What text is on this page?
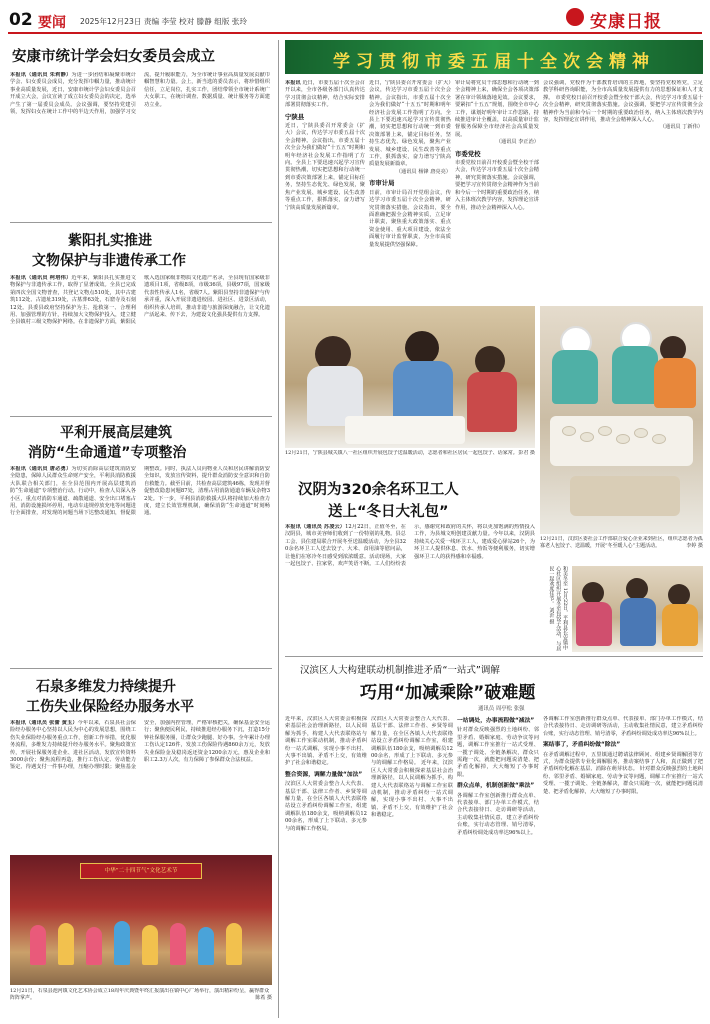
02 要闻 2025年12月23日 责编 李莹 校对 滕静 组版 张玲	安康日报
安康市统计学会妇女委员会成立
本报讯（通讯员 朱莉静）为进一步团结和凝聚市统计学会、妇女委员会成员，充分发挥巾帼力量，推动统计事业高质量发展，近日，安康市统计学会妇女委员会召开成立大会，会议宣读了成立妇女委员会的决定，选举产生了第一届委员会成员。会议强调，要坚持党建引领，发挥妇女在统计工作中的半边天作用，加强学习交流，提升履职能力，为全市统计事业高质量发展贡献巾帼智慧和力量。会上，新当选的委员表示，将珍惜组织信任，立足岗位，扎实工作，团结带领全市统计系统广大女职工，在统计调查、数据质量、统计服务等方面建功立业。
紫阳扎实推进
文物保护与非遗传承工作
本报讯（通讯员 柯培伟）近年来，紫阳县扎实推进文物保护与非遗传承工作，取得了显著成效。全县已完成第四次全国文物普查，共登记文物点510处，其中古建筑112处、古遗址319处，古墓葬63处，石窟寺及石刻12处。县委县政府坚持保护为主、抢救第一、合理利用、加强管理的方针，持续加大文物保护投入，建立健全县镇村三级文物保护网络。在非遗保护方面，紫阳民歌入选国家级非物质文化遗产名录，全县现有国家级非遗项目1项，省级8项，市级36项，县级97项，国家级代表性传承人1名，省级7人。紫阳县坚持非遗保护与传承并重，深入开展非遗进校园、进社区、进景区活动，组织传承人培训，推动非遗与旅游深度融合，让文化遗产活起来、传下去，为建设文化强县提供有力支撑。
平利开展高层建筑
消防“生命通道”专项整治
本报讯（通讯员 唐必勇）为切实消除高层建筑消防安全隐患，保障人民群众生命财产安全，平利县消防救援大队联合相关部门，在全县范围内开展高层建筑消防“生命通道”专项整治行动。行动中，检查人员深入各小区，重点对消防车通道、疏散通道、安全出口堵塞占用，消防设施损坏停用，电动车违规停放充电等问题进行全面排查，对发现的问题当场下达整改通知，督促限期整改。同时，执法人员向物业人员和居民讲解消防安全知识，发放宣传资料，提升群众消防安全意识和自防自救能力。截至目前，共检查高层建筑46栋，发现并督促整改隐患问题87处，清理占用消防通道车辆及杂物32处。下一步，平利县消防救援大队将持续加大检查力度，建立长效管理机制，确保消防“生命通道”时刻畅通。
石泉多维发力持续提升
工伤失业保险经办服务水平
本报讯（通讯员 张蕾 黄玉）今年以来，石泉县社会保险经办服务中心坚持以人民为中心的发展思想，围绕工伤失业保险经办服务重点工作，创新工作举措，优化服务流程，多维发力持续提升经办服务水平。聚焦政策宣传，开展社保服务进企业、进社区活动，发放宣传资料3000余份；聚焦流程再造，推行工伤认定、劳动能力鉴定、待遇支付一件事办理，压缩办理时限；聚焦基金安全，加强内控管理，严格审核把关，确保基金安全运行；聚焦便民利民，持续推进经办服务下沉，打造15分钟社保服务圈，让群众少跑腿、好办事。全年累计办理工伤认定126件，发放工伤保险待遇860余万元，发放失业保险金及稳岗返还资金1200余万元，惠及企业和职工2.3万人次，有力保障了参保群众合法权益。
中华“二十四节气”文化艺术节
12月21日，石泉县池河镇文化艺术协会成立18周年庆典暨年终汇报演出在镇中心广场举行，演出精彩纷呈，赢得群众阵阵掌声。	陈希 摄
学习贯彻市委五届十全次会精神
本报讯 近日，市委五届十次全会召开以来，全市各级各部门认真传达学习贯彻会议精神，结合实际安排部署贯彻落实工作。
宁陕县
近日，宁陕县委召开常委会（扩大）会议，传达学习市委五届十次全会精神。会议指出，市委五届十次全会为我们做好“十五五”时期和明年经济社会发展工作指明了方向。全县上下要迅速兴起学习宣传贯彻热潮，切实把思想和行动统一到市委决策部署上来，锚定目标任务，坚持生态优先、绿色发展，聚焦产业发展、城乡建设、民生改善等重点工作，狠抓落实，奋力谱写宁陕高质量发展新篇章。
近日，宁陕县委召开常委会（扩大）会议，传达学习市委五届十次全会精神。会议指出，市委五届十次全会为我们做好“十五五”时期和明年经济社会发展工作指明了方向。全县上下要迅速兴起学习宣传贯彻热潮，切实把思想和行动统一到市委决策部署上来，锚定目标任务，坚持生态优先、绿色发展，聚焦产业发展、城乡建设、民生改善等重点工作，狠抓落实，奋力谱写宁陕高质量发展新篇章。
（通讯员 杨锋 唐亮亮）
市审计局
日前，市审计局召开党组会议，传达学习市委五届十次全会精神，研究贯彻落实措施。会议指出，要全面准确把握全会精神实质，立足审计职责，聚焦重大政策落实、重点资金使用、重大项目建设，依法全面履行审计监督职责，为全市高质量发展提供坚强保障。
审计局将党员干部思想和行动统一到全会精神上来，确保全会各项决策部署在审计领域落地见效。会议要求，要紧扣“十五五”规划，围绕全市中心工作，谋划好明年审计工作思路，持续推进审计全覆盖，以高质量审计监督服务保障全市经济社会高质量发展。
（通讯员 李正治）
市委党校
市委党校日前召开校委会暨全校干部大会，传达学习市委五届十次全会精神，研究贯彻落实措施。会议强调，要把学习宣传贯彻全会精神作为当前和今后一个时期的重要政治任务，纳入主体班次教学内容，发挥理论宣讲作用，推动全会精神深入人心。
会议强调，党校作为干部教育培训的主阵地，要坚持党校姓党，立足教学科研咨询职能，为全市高质量发展提供有力的思想保证和人才支撑。 市委党校日前召开校委会暨全校干部大会，传达学习市委五届十次全会精神，研究贯彻落实措施。会议强调，要把学习宣传贯彻全会精神作为当前和今后一个时期的重要政治任务，纳入主体班次教学内容，发挥理论宣讲作用，推动全会精神深入人心。
（通讯员 丁新伟）
12月21日，宁陕县城关镇八一社区组织开展包饺子送温暖活动，志愿者和社区居民一起包饺子、话家常。 彭君 摄
12月21日，汉滨区委社会工作部联合爱心企业来到社区，组织志愿者为孤寡老人包饺子、送温暖，开展“冬至暖人心”主题活动。	李婷 摄
汉阴为320余名环卫工人
送上“冬日大礼包”
本报讯（通讯员 苏凌云）12月22日，正值冬至，在汉阴县，城市美容师们收到了一份特别的礼物。县总工会、县住建局联合开展冬至送温暖活动，为全县320余名环卫工人送去饺子、大米、食用油等慰问品，让他们在寒冷冬日感受到浓浓暖意。活动现场，大家一起包饺子、拉家常，欢声笑语不断。工人们纷纷表示，感谢党和政府的关怀，将以更加饱满的热情投入工作，为县城文明创建贡献力量。今年以来，汉阴县持续关心关爱一线环卫工人，建成爱心驿站26个，为环卫工人提供休息、饮水、热饭等便利服务，切实增强环卫工人的获得感和幸福感。
和美冬至 12月22日，平利县长安镇中心社区组织开展冬至包饺子活动，与居民一起欢度佳节。 刘沂 摄
汉滨区人大构建联动机制推进矛盾“一站式”调解
巧用“加减乘除”破难题
通讯员 周亭松 张强
近年来，汉滨区人大常委会积极探索基层社会治理新路径，以人民调解为抓手，构建人大代表联络站与调解工作室联动机制，推动矛盾纠纷一站式调解，实现小事不出村、大事不出镇、矛盾不上交，有效维护了社会和谐稳定。
整合资源，调解力量做“加法”
汉滨区人大常委会整合人大代表、基层干部、法律工作者、乡贤等调解力量，在全区各镇人大代表联络站设立矛盾纠纷调解工作室，组建调解队伍180余支，吸纳调解员1200余名，形成了上下联动、多元参与的调解工作格局。
汉滨区人大常委会整合人大代表、基层干部、法律工作者、乡贤等调解力量，在全区各镇人大代表联络站设立矛盾纠纷调解工作室，组建调解队伍180余支，吸纳调解员1200余名，形成了上下联动、多元参与的调解工作格局。 近年来，汉滨区人大常委会积极探索基层社会治理新路径，以人民调解为抓手，构建人大代表联络站与调解工作室联动机制，推动矛盾纠纷一站式调解，实现小事不出村、大事不出镇、矛盾不上交，有效维护了社会和谐稳定。
一站调处，办事流程做“减法”
针对群众反映强烈的土地纠纷、邻里矛盾、婚姻家庭、劳动争议等问题，调解工作室推行一站式受理、一揽子调处、全链条解决，群众只需跑一次，就能把问题说清楚、把矛盾化解掉，大大缩短了办事时限。
群众点单，机制创新做“乘法”
各调解工作室创新推行群众点单、代表接单、部门办单工作模式，结合代表接待日、走访调研等活动，主动收集社情民意，建立矛盾纠纷台账，实行动态管理、销号清零，矛盾纠纷调处成功率达96%以上。
各调解工作室创新推行群众点单、代表接单、部门办单工作模式，结合代表接待日、走访调研等活动，主动收集社情民意，建立矛盾纠纷台账，实行动态管理、销号清零，矛盾纠纷调处成功率达96%以上。
案结事了，矛盾纠纷做“除法”
在矛盾调解过程中，五里镇通过聘请法律顾问、组建乡贤调解团等方式，为群众提供专业化调解服务，推动案结事了人和，真正做到了把矛盾纠纷化解在基层、消除在萌芽状态。 针对群众反映强烈的土地纠纷、邻里矛盾、婚姻家庭、劳动争议等问题，调解工作室推行一站式受理、一揽子调处、全链条解决，群众只需跑一次，就能把问题说清楚、把矛盾化解掉，大大缩短了办事时限。
